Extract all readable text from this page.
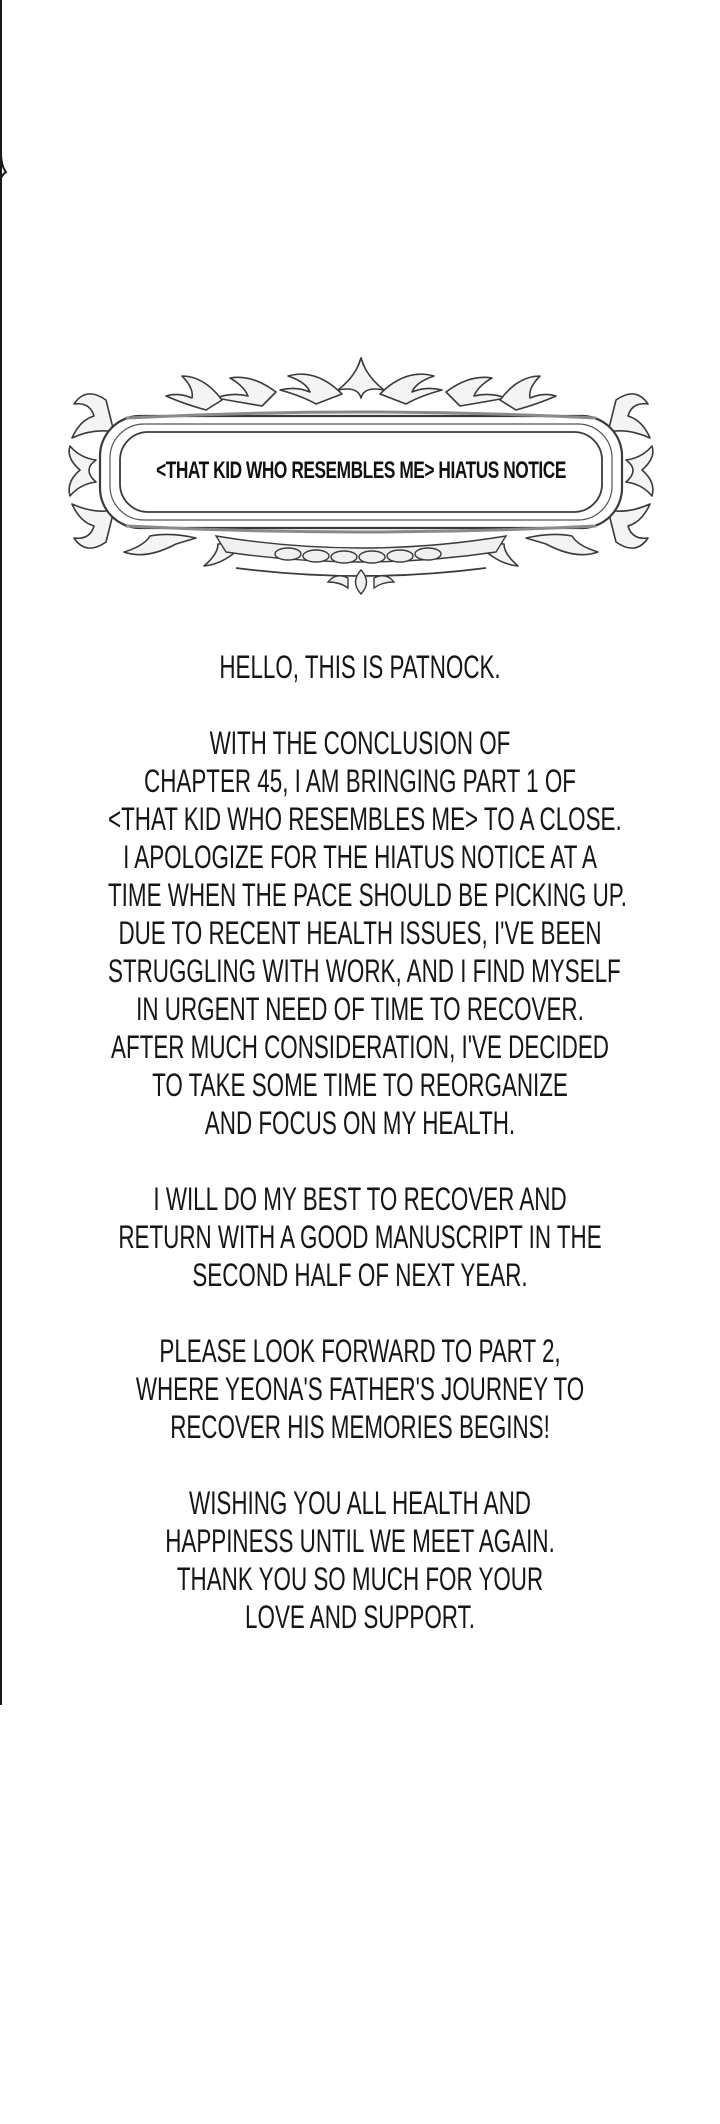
<THAT KID WHO RESEMBLES ME> HIATUS NOTICE
HELLO, THIS IS PATNOCK.
WITH THE CONCLUSION OF
CHAPTER 45, I AM BRINGING PART 1 OF
<THAT KID WHO RESEMBLES ME> TO A CLOSE.
I APOLOGIZE FOR THE HIATUS NOTICE AT A
TIME WHEN THE PACE SHOULD BE PICKING UP.
DUE TO RECENT HEALTH ISSUES, I'VE BEEN
STRUGGLING WITH WORK, AND I FIND MYSELF
IN URGENT NEED OF TIME TO RECOVER.
AFTER MUCH CONSIDERATION, I'VE DECIDED
TO TAKE SOME TIME TO REORGANIZE
AND FOCUS ON MY HEALTH.
I WILL DO MY BEST TO RECOVER AND
RETURN WITH A GOOD MANUSCRIPT IN THE
SECOND HALF OF NEXT YEAR.
PLEASE LOOK FORWARD TO PART 2,
WHERE YEONA'S FATHER'S JOURNEY TO
RECOVER HIS MEMORIES BEGINS!
WISHING YOU ALL HEALTH AND
HAPPINESS UNTIL WE MEET AGAIN.
THANK YOU SO MUCH FOR YOUR
LOVE AND SUPPORT.
